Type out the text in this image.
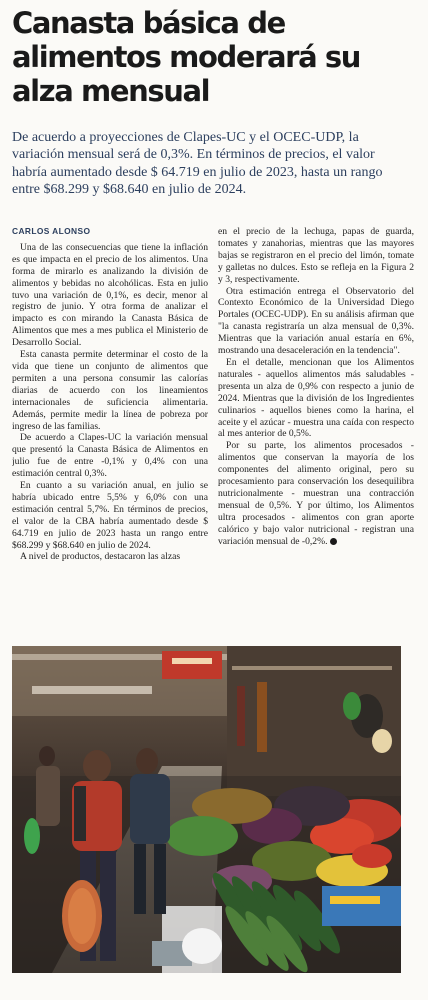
Canasta básica de alimentos moderará su alza mensual

De acuerdo a proyecciones de Clapes-UC y el OCEC-UDP, la variación mensual será de 0,3%. En términos de precios, el valor habría aumentado desde $ 64.719 en julio de 2023, hasta un rango entre $68.299 y $68.640 en julio de 2024.

CARLOS ALONSO

Una de las consecuencias que tiene la inflación es que impacta en el precio de los alimentos. Una forma de mirarlo es analizando la división de alimentos y bebidas no alcohólicas. Esta en julio tuvo una variación de 0,1%, es decir, menor al registro de junio. Y otra forma de analizar el impacto es con mirando la Canasta Básica de Alimentos que mes a mes publica el Ministerio de Desarrollo Social.

Esta canasta permite determinar el costo de la vida que tiene un conjunto de alimentos que permiten a una persona consumir las calorías diarias de acuerdo con los lineamientos internacionales de suficiencia alimentaria. Además, permite medir la línea de pobreza por ingreso de las familias.

De acuerdo a Clapes-UC la variación mensual que presentó la Canasta Básica de Alimentos en julio fue de entre -0,1% y 0,4% con una estimación central 0,3%.

En cuanto a su variación anual, en julio se habría ubicado entre 5,5% y 6,0% con una estimación central 5,7%. En términos de precios, el valor de la CBA habría aumentado desde $ 64.719 en julio de 2023 hasta un rango entre $68.299 y $68.640 en julio de 2024.

A nivel de productos, destacaron las alzas

en el precio de la lechuga, papas de guarda, tomates y zanahorias, mientras que las mayores bajas se registraron en el precio del limón, tomate y galletas no dulces. Esto se refleja en la Figura 2 y 3, respectivamente.

Otra estimación entrega el Observatorio del Contexto Económico de la Universidad Diego Portales (OCEC-UDP). En su análisis afirman que "la canasta registraría un alza mensual de 0,3%. Mientras que la variación anual estaría en 6%, mostrando una desaceleración en la tendencia".

En el detalle, mencionan que los Alimentos naturales - aquellos alimentos más saludables - presenta un alza de 0,9% con respecto a junio de 2024. Mientras que la división de los Ingredientes culinarios - aquellos bienes como la harina, el aceite y el azúcar - muestra una caída con respecto al mes anterior de 0,5%.

Por su parte, los alimentos procesados - alimentos que conservan la mayoría de los componentes del alimento original, pero su procesamiento para conservación los desequilibra nutricionalmente - muestran una contracción mensual de 0,5%. Y por último, los Alimentos ultra procesados - alimentos con gran aporte calórico y bajo valor nutricional - registran una variación mensual de -0,2%.
